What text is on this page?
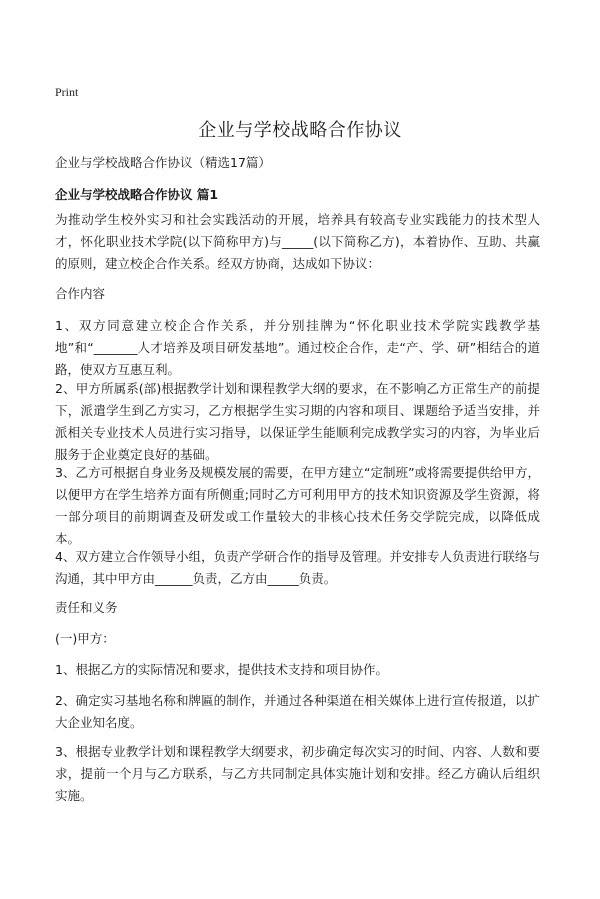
Print
企业与学校战略合作协议
企业与学校战略合作协议（精选17篇）
企业与学校战略合作协议 篇1
为推动学生校外实习和社会实践活动的开展，培养具有较高专业实践能力的技术型人才，怀化职业技术学院(以下简称甲方)与_____(以下简称乙方)，本着协作、互助、共赢的原则，建立校企合作关系。经双方协商，达成如下协议：
合作内容
1、双方同意建立校企合作关系，并分别挂牌为“怀化职业技术学院实践教学基地”和“_______人才培养及项目研发基地”。通过校企合作，走“产、学、研”相结合的道路，使双方互惠互利。
2、甲方所属系(部)根据教学计划和课程教学大纲的要求，在不影响乙方正常生产的前提下，派遣学生到乙方实习，乙方根据学生实习期的内容和项目、课题给予适当安排，并派相关专业技术人员进行实习指导，以保证学生能顺利完成教学实习的内容，为毕业后服务于企业奠定良好的基础。
3、乙方可根据自身业务及规模发展的需要，在甲方建立“定制班”或将需要提供给甲方，以便甲方在学生培养方面有所侧重;同时乙方可利用甲方的技术知识资源及学生资源，将一部分项目的前期调查及研发或工作量较大的非核心技术任务交学院完成，以降低成本。
4、双方建立合作领导小组，负责产学研合作的指导及管理。并安排专人负责进行联络与沟通，其中甲方由______负责，乙方由_____负责。
责任和义务
(一)甲方：
1、根据乙方的实际情况和要求，提供技术支持和项目协作。
2、确定实习基地名称和牌匾的制作，并通过各种渠道在相关媒体上进行宣传报道，以扩大企业知名度。
3、根据专业教学计划和课程教学大纲要求，初步确定每次实习的时间、内容、人数和要求，提前一个月与乙方联系，与乙方共同制定具体实施计划和安排。经乙方确认后组织实施。
